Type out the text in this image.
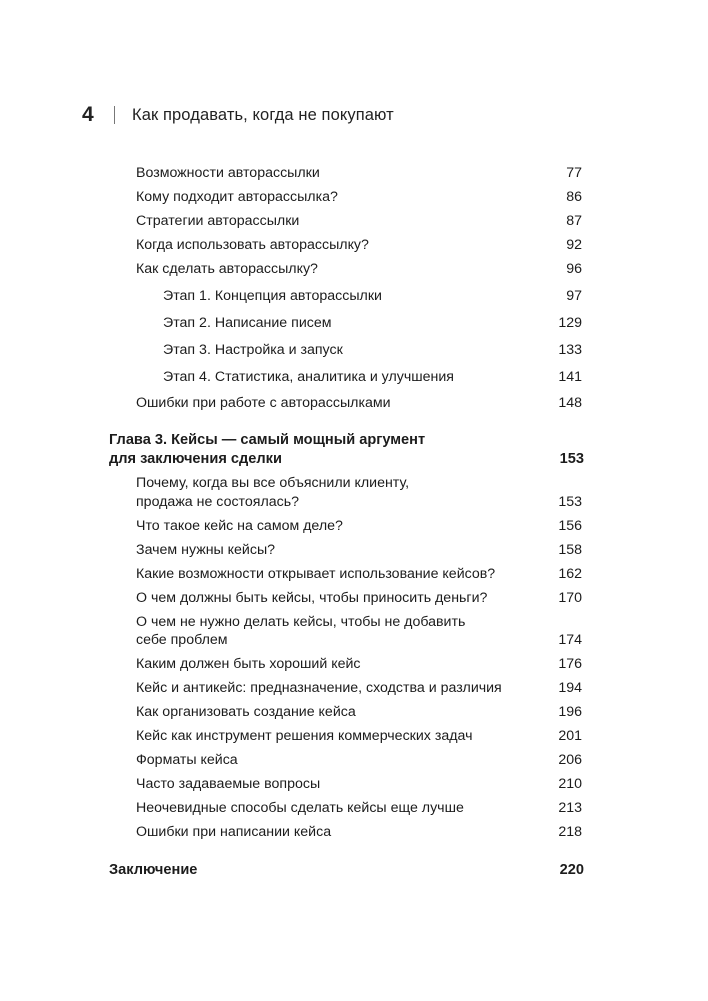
4	Как продавать, когда не покупают
Возможности авторассылки	77
Кому подходит авторассылка?	86
Стратегии авторассылки	87
Когда использовать авторассылку?	92
Как сделать авторассылку?	96
Этап 1. Концепция авторассылки	97
Этап 2. Написание писем	129
Этап 3. Настройка и запуск	133
Этап 4. Статистика, аналитика и улучшения	141
Ошибки при работе с авторассылками	148
Глава 3. Кейсы — самый мощный аргумент
для заключения сделки	153
Почему, когда вы все объяснили клиенту,
продажа не состоялась?	153
Что такое кейс на самом деле?	156
Зачем нужны кейсы?	158
Какие возможности открывает использование кейсов?	162
О чем должны быть кейсы, чтобы приносить деньги?	170
О чем не нужно делать кейсы, чтобы не добавить
себе проблем	174
Каким должен быть хороший кейс	176
Кейс и антикейс: предназначение, сходства и различия	194
Как организовать создание кейса	196
Кейс как инструмент решения коммерческих задач	201
Форматы кейса	206
Часто задаваемые вопросы	210
Неочевидные способы сделать кейсы еще лучше	213
Ошибки при написании кейса	218
Заключение	220
